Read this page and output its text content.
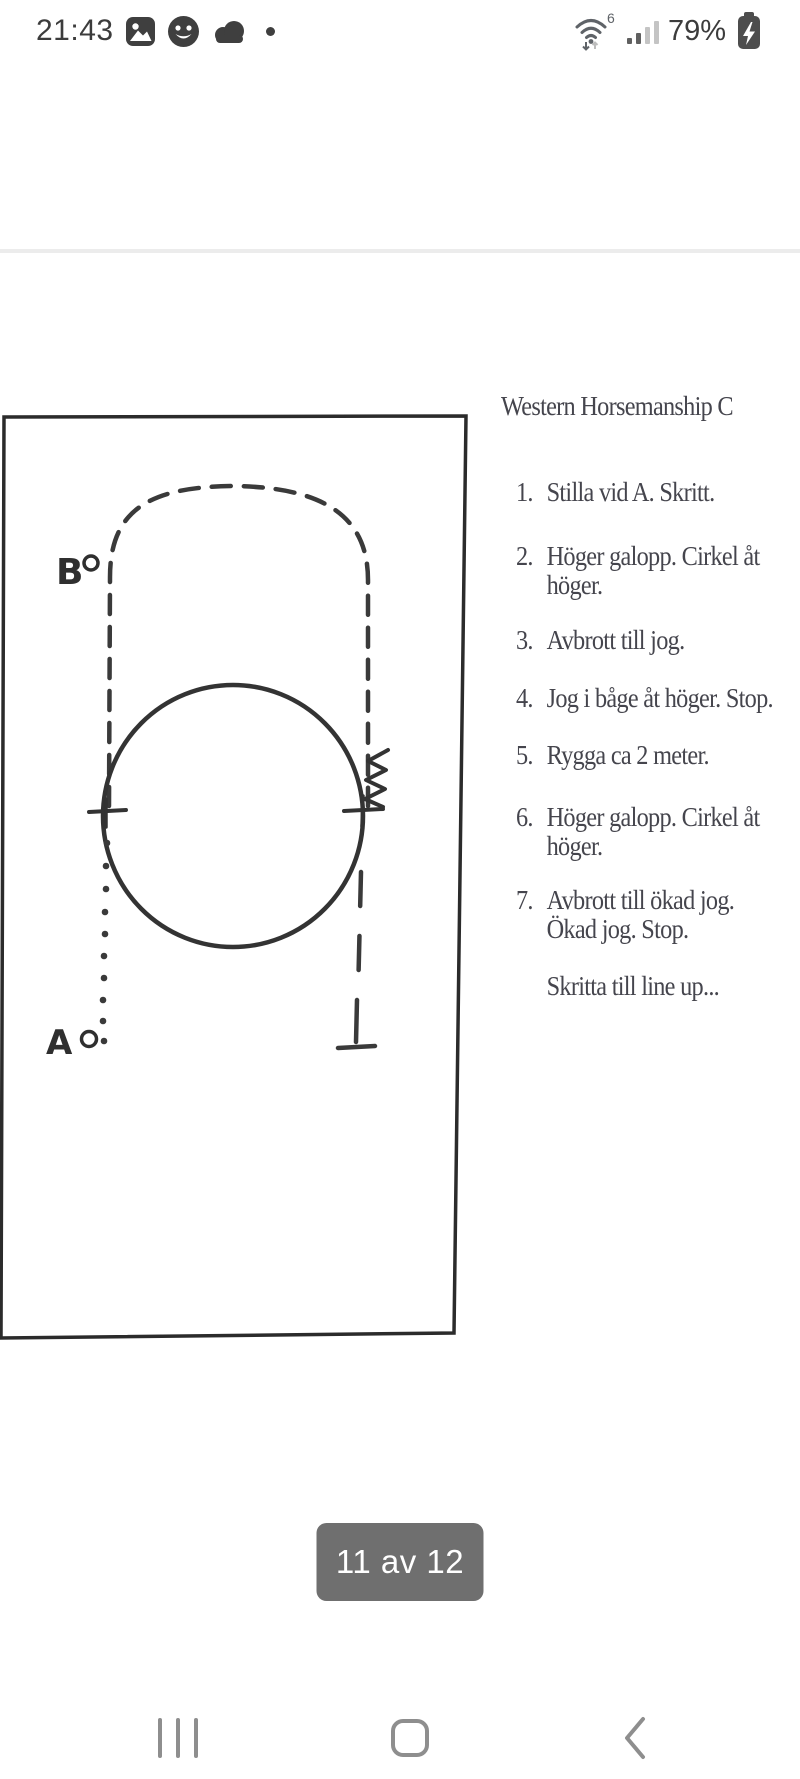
21:43	6 79%
B
A
Western Horsemanship C
1. Stilla vid A. Skritt.
2. Höger galopp. Cirkel åt
höger.
3. Avbrott till jog.
4. Jog i båge åt höger. Stop.
5. Rygga ca 2 meter.
6. Höger galopp. Cirkel åt
höger.
7. Avbrott till ökad jog.
Ökad jog. Stop.
Skritta till line up...
11 av 12
